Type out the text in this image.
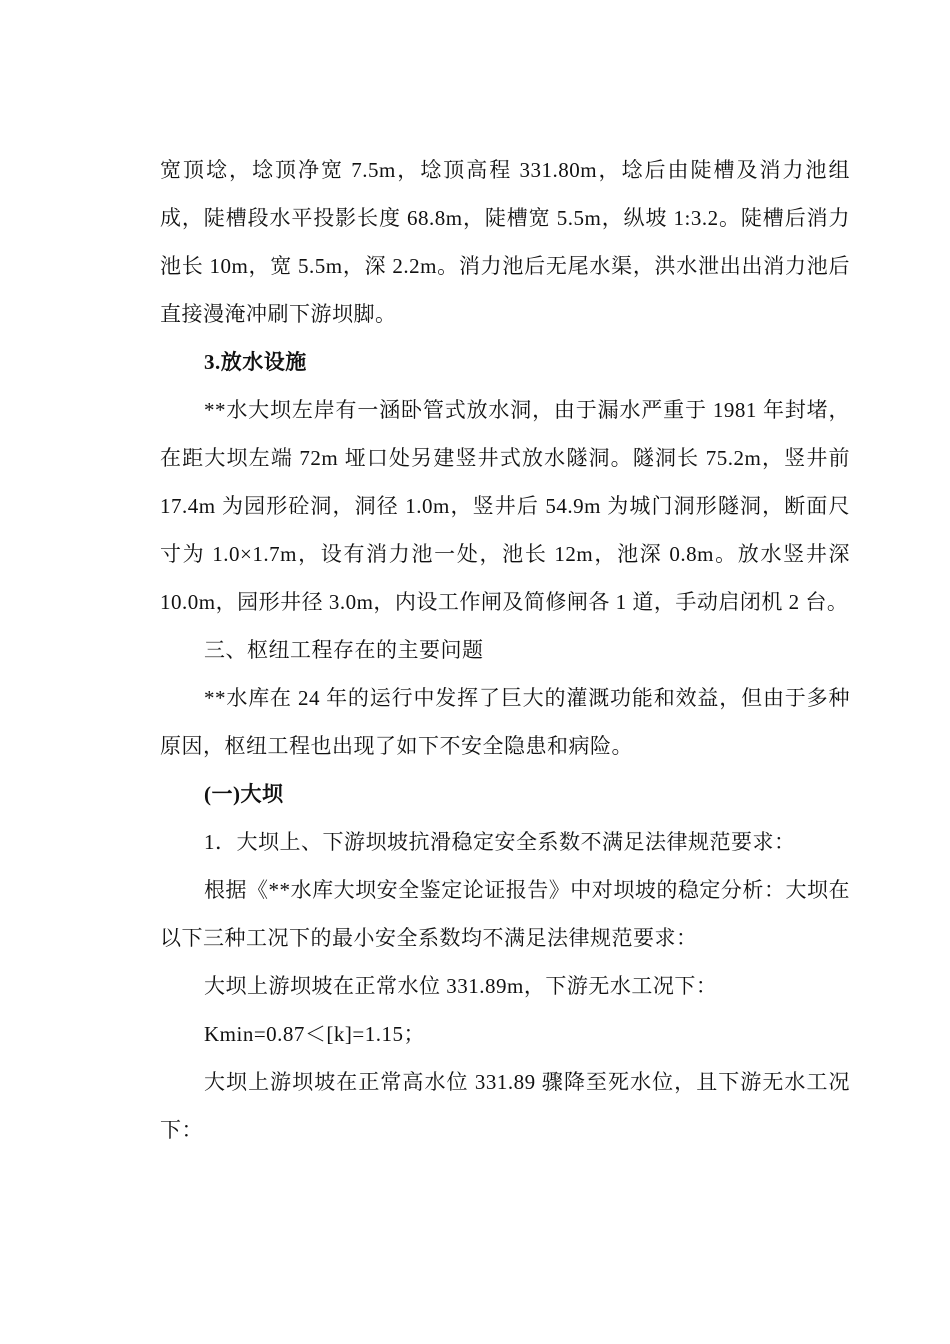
宽顶埝，埝顶净宽 7.5m，埝顶高程 331.80m，埝后由陡槽及消力池组成，陡槽段水平投影长度 68.8m，陡槽宽 5.5m，纵坡 1:3.2。陡槽后消力池长 10m，宽 5.5m，深 2.2m。消力池后无尾水渠，洪水泄出出消力池后直接漫淹冲刷下游坝脚。

3.放水设施

**水大坝左岸有一涵卧管式放水洞，由于漏水严重于 1981 年封堵，在距大坝左端 72m 垭口处另建竖井式放水隧洞。隧洞长 75.2m，竖井前 17.4m 为园形砼洞，洞径 1.0m，竖井后 54.9m 为城门洞形隧洞，断面尺寸为 1.0×1.7m，设有消力池一处，池长 12m，池深 0.8m。放水竖井深 10.0m，园形井径 3.0m，内设工作闸及简修闸各 1 道，手动启闭机 2 台。

三、枢纽工程存在的主要问题

**水库在 24 年的运行中发挥了巨大的灌溉功能和效益，但由于多种原因，枢纽工程也出现了如下不安全隐患和病险。

(一)大坝

1．大坝上、下游坝坡抗滑稳定安全系数不满足法律规范要求：

根据《**水库大坝安全鉴定论证报告》中对坝坡的稳定分析：大坝在以下三种工况下的最小安全系数均不满足法律规范要求：

大坝上游坝坡在正常水位 331.89m，下游无水工况下：

Kmin=0.87＜[k]=1.15；

大坝上游坝坡在正常高水位 331.89 骤降至死水位，且下游无水工况下：
